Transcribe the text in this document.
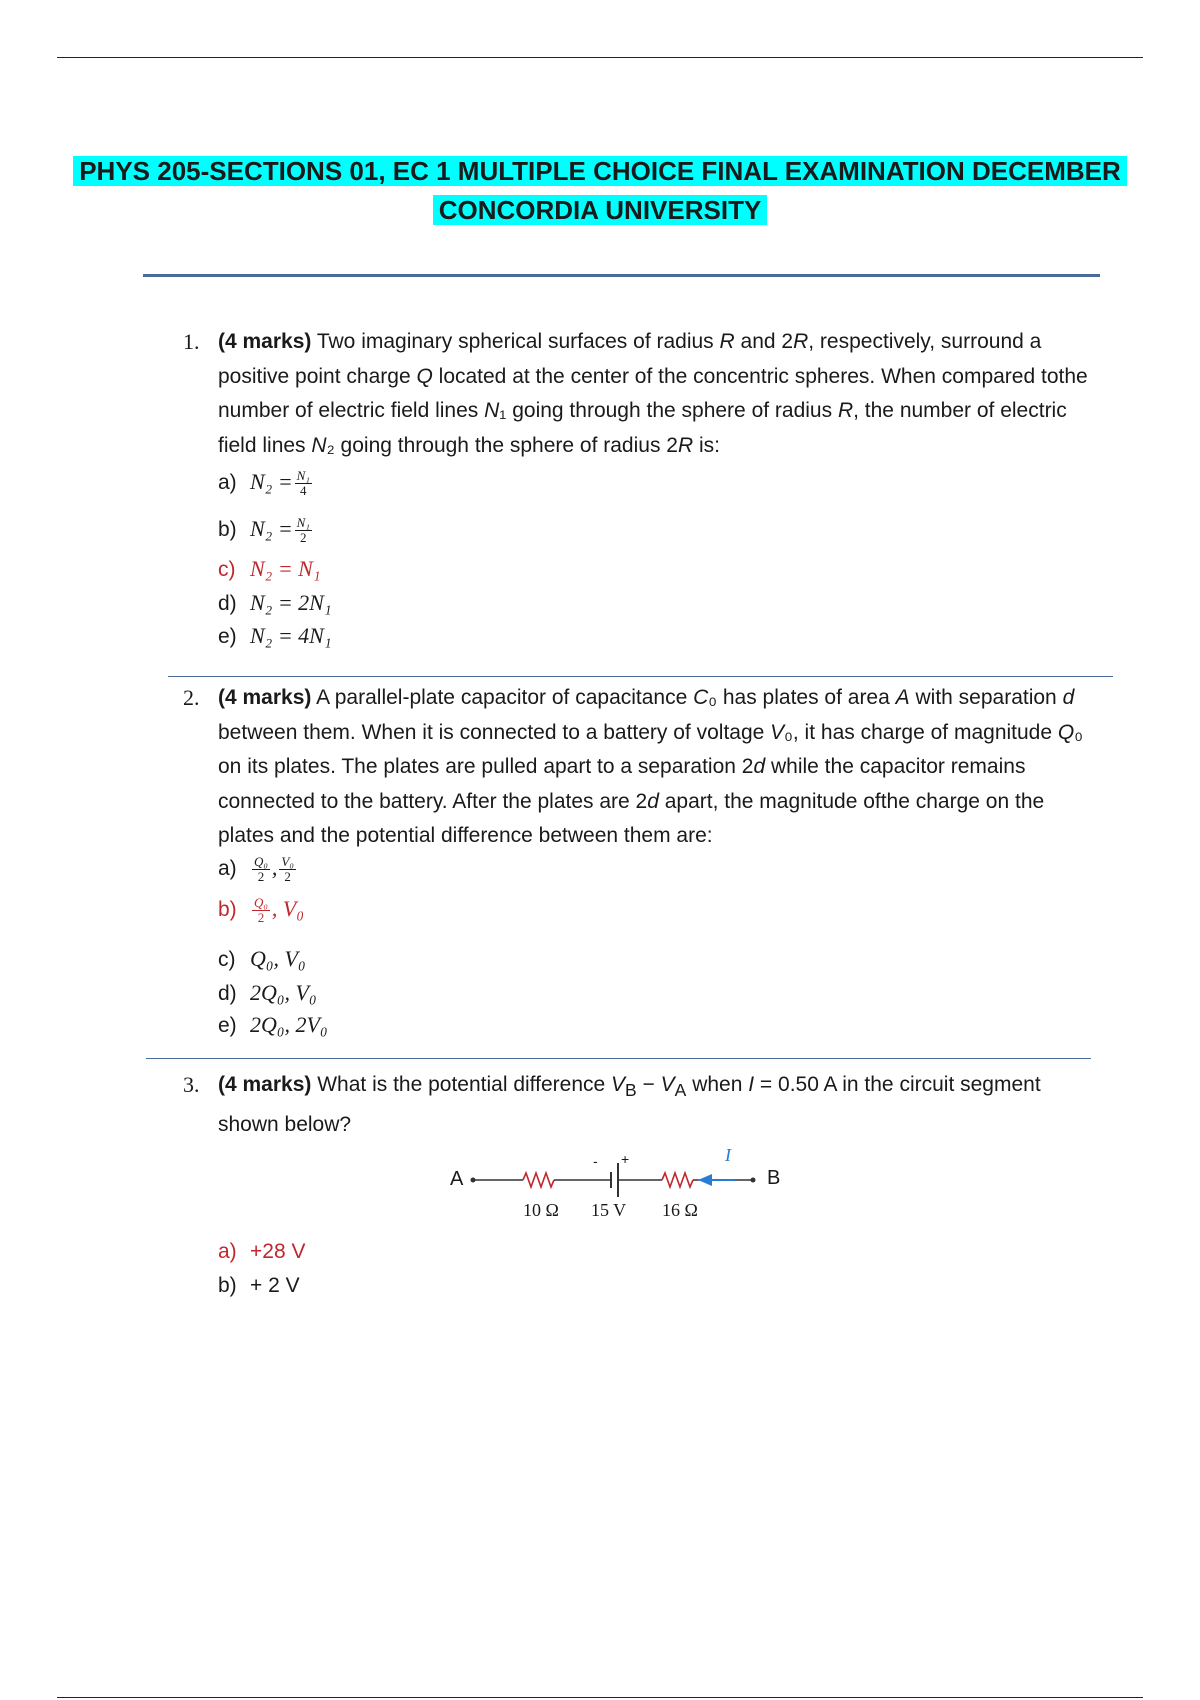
PHYS 205-SECTIONS 01, EC 1 MULTIPLE CHOICE FINAL EXAMINATION DECEMBER
CONCORDIA UNIVERSITY
1. (4 marks) Two imaginary spherical surfaces of radius R and 2R, respectively, surround a positive point charge Q located at the center of the concentric spheres. When compared tothe number of electric field lines N₁ going through the sphere of radius R, the number of electric field lines N₂ going through the sphere of radius 2R is:
a) $N_2 = \frac{\text{N₁}}{4}$
b) $N_2 = \frac{\text{N₁}}{2}$
c) N₂ = N₁
d) N₂ = 2N₁
e) N₂ = 4N₁
2. (4 marks) A parallel-plate capacitor of capacitance C₀ has plates of area A with separation d between them. When it is connected to a battery of voltage V₀, it has charge of magnitude Q₀ on its plates. The plates are pulled apart to a separation 2d while the capacitor remains connected to the battery. After the plates are 2d apart, the magnitude ofthe charge on the plates and the potential difference between them are:
$a) \frac{\text{Q₀}}{2}$ , $\frac{\text{V₀}}{2}$
$b) \frac{\text{Q₀}}{2}$ , V₀
c) Q₀, V₀
d) 2Q₀, V₀
e) 2Q₀, 2V₀
3. (4 marks) What is the potential difference $V_B - V_A$ when I = 0.50 A in the circuit segment shown below?
A	B
- +	I
10 Ω 15 V 16 Ω
a) +28 V
b) + 2 V
